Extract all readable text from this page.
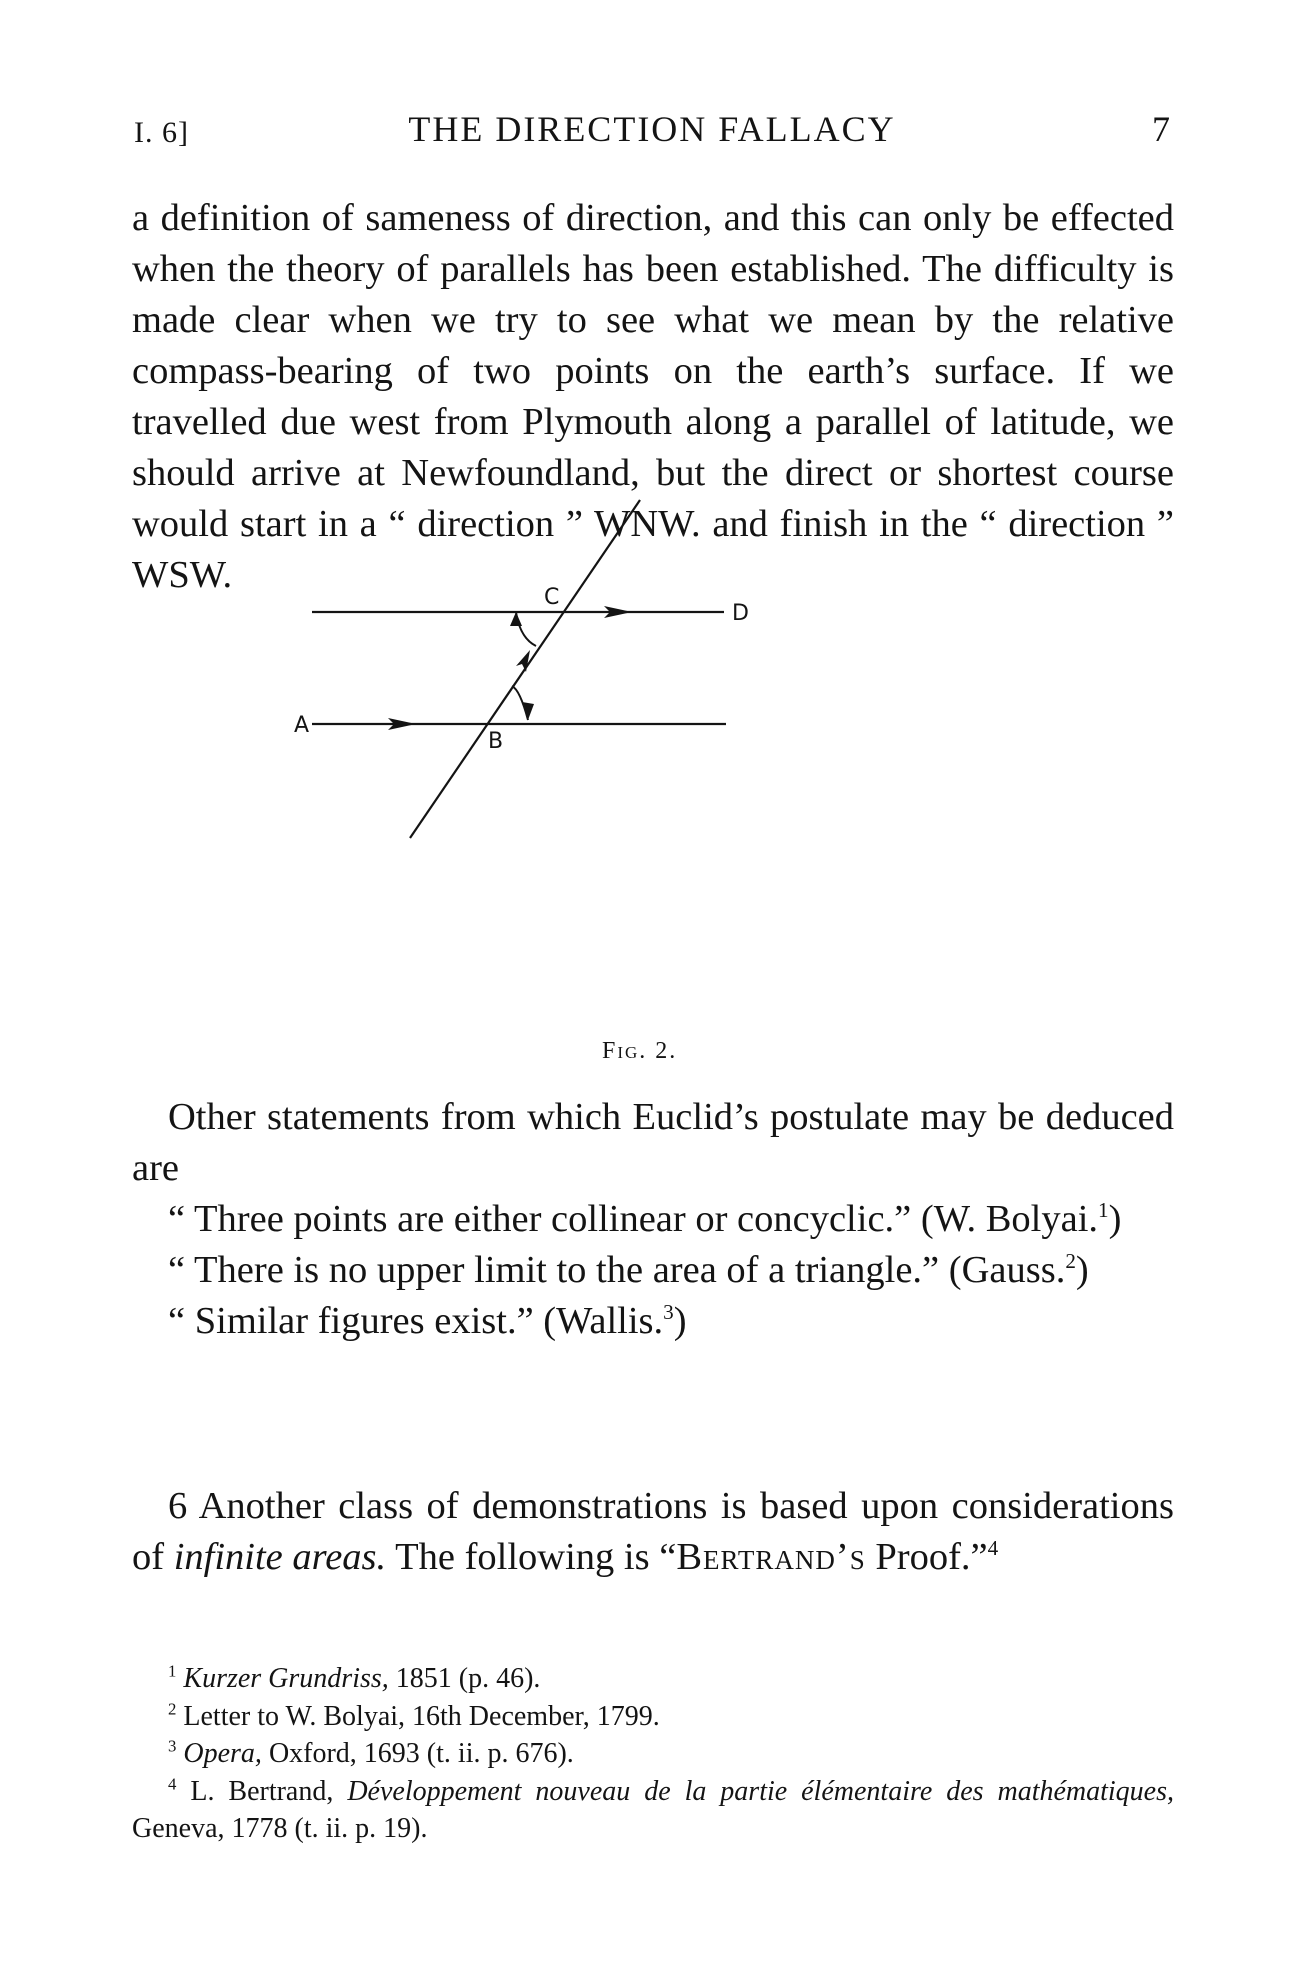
I. 6]	THE DIRECTION FALLACY	7

a definition of sameness of direction, and this can only be effected when the theory of parallels has been established. The difficulty is made clear when we try to see what we mean by the relative compass-bearing of two points on the earth’s surface. If we travelled due west from Plymouth along a parallel of latitude, we should arrive at Newfoundland, but the direct or shortest course would start in a “ direction ” WNW. and finish in the “ direction ” WSW.

A
B
C
D
Fig. 2.

Other statements from which Euclid’s postulate may be deduced are

“ Three points are either collinear or concyclic.” (W. Bolyai.$^1$)

“ There is no upper limit to the area of a triangle.” (Gauss.$^2$)

“ Similar figures exist.” (Wallis.$^3$)

6 Another class of demonstrations is based upon considerations of infinite areas. The following is “Bertrand’s Proof.”$^4$

$^1$ Kurzer Grundriss, 1851 (p. 46).

$^2$ Letter to W. Bolyai, 16th December, 1799.

$^3$ Opera, Oxford, 1693 (t. ii. p. 676).

$^4$ L. Bertrand, Développement nouveau de la partie élémentaire des mathématiques, Geneva, 1778 (t. ii. p. 19).
